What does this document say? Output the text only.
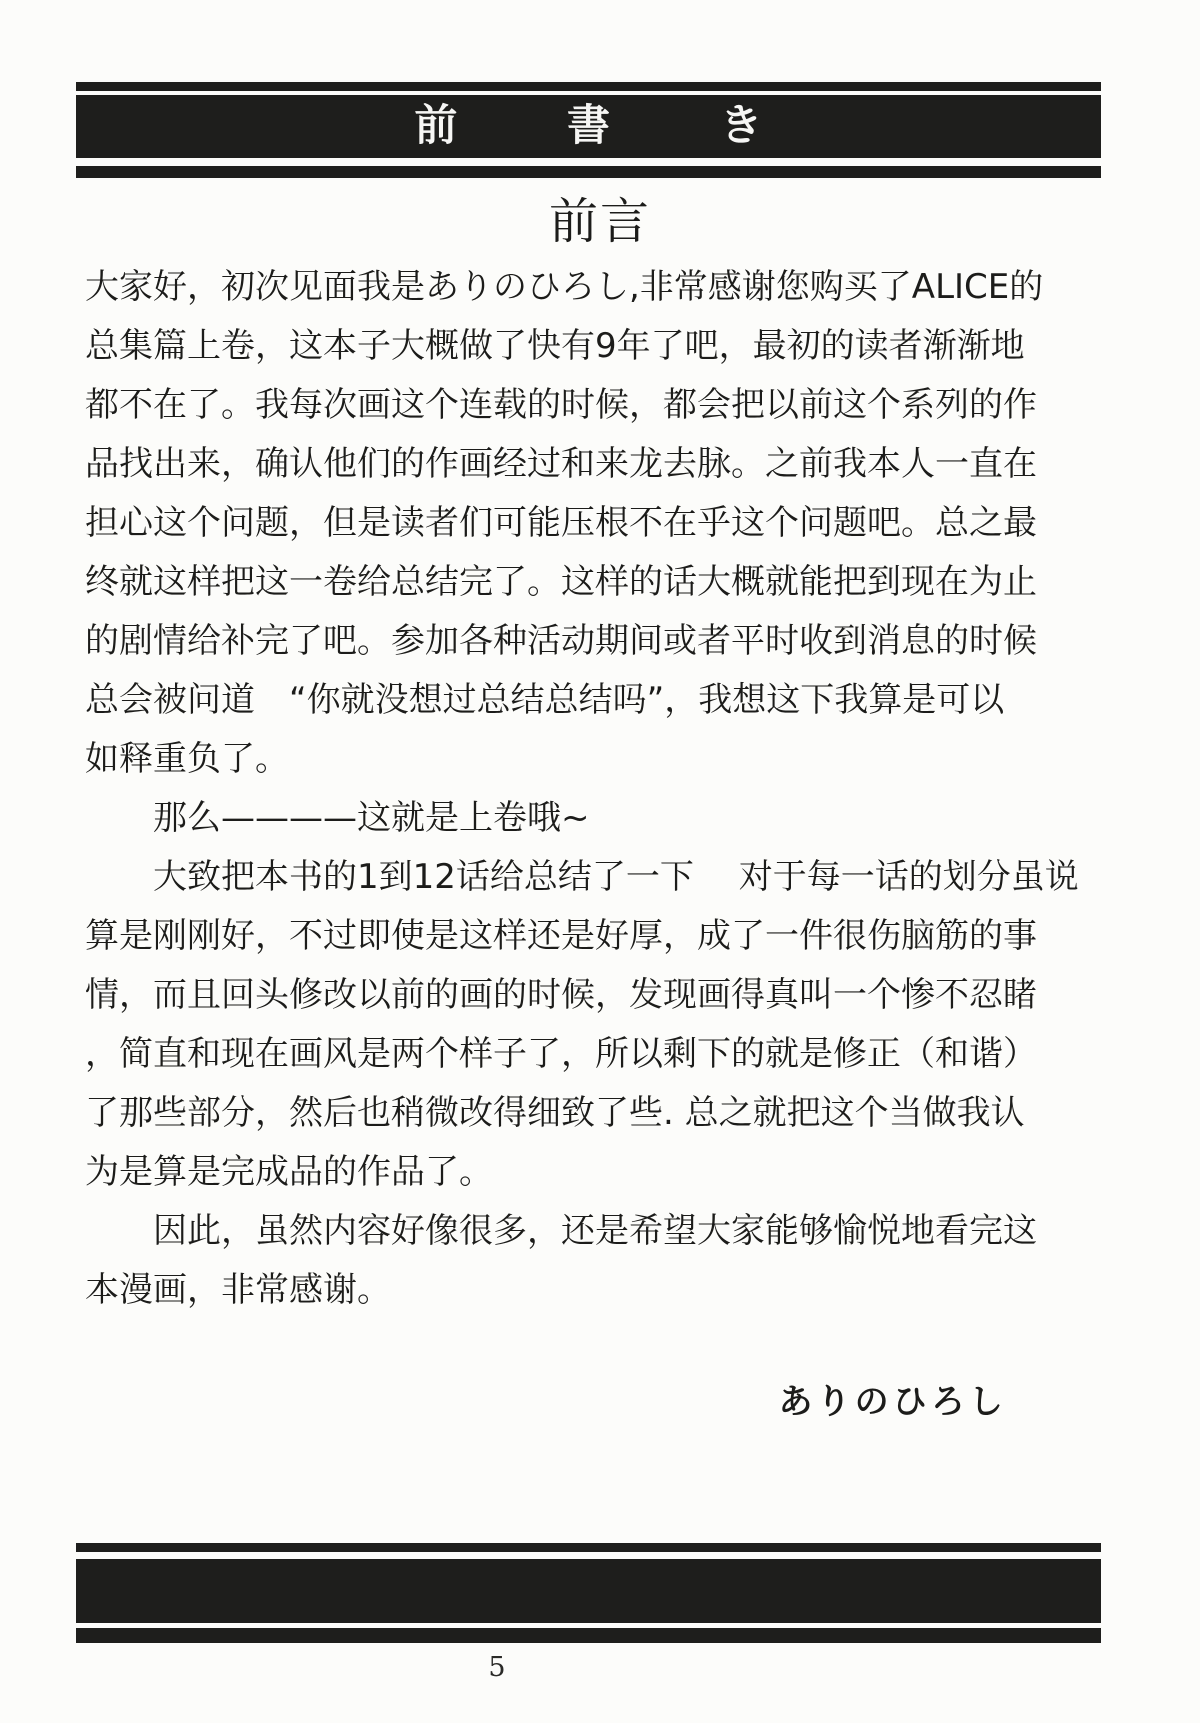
前書き
前言
大家好，初次见面我是ありのひろし,非常感谢您购买了ALICE的
总集篇上卷，这本子大概做了快有9年了吧，最初的读者渐渐地
都不在了。我每次画这个连载的时候，都会把以前这个系列的作
品找出来，确认他们的作画经过和来龙去脉。之前我本人一直在
担心这个问题，但是读者们可能压根不在乎这个问题吧。总之最
终就这样把这一卷给总结完了。这样的话大概就能把到现在为止
的剧情给补完了吧。参加各种活动期间或者平时收到消息的时候
总会被问道　“你就没想过总结总结吗”，我想这下我算是可以
如释重负了。
那么————这就是上卷哦~
大致把本书的1到12话给总结了一下　 对于每一话的划分虽说
算是刚刚好，不过即使是这样还是好厚，成了一件很伤脑筋的事
情，而且回头修改以前的画的时候，发现画得真叫一个惨不忍睹
，简直和现在画风是两个样子了，所以剩下的就是修正（和谐）
了那些部分，然后也稍微改得细致了些. 总之就把这个当做我认
为是算是完成品的作品了。
因此，虽然内容好像很多，还是希望大家能够愉悦地看完这
本漫画，非常感谢。
ありのひろし
5
